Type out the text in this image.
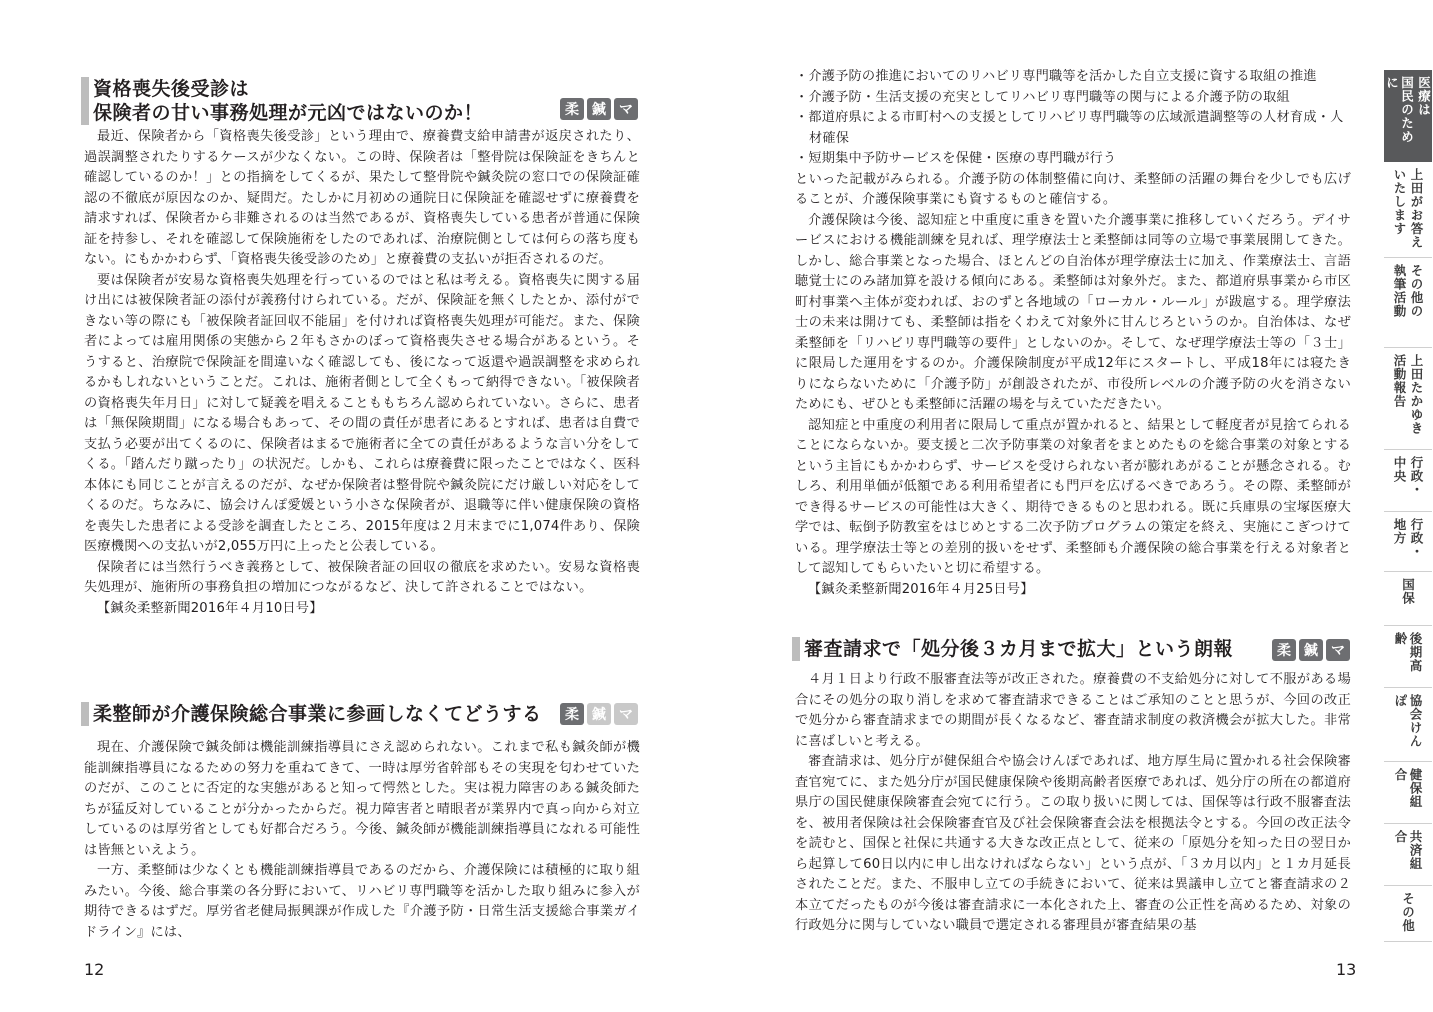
資格喪失後受診は
保険者の甘い事務処理が元凶ではないのか！	柔 鍼 マ

最近、保険者から「資格喪失後受診」という理由で、療養費支給申請書が返戻されたり、過誤調整されたりするケースが少なくない。この時、保険者は「整骨院は保険証をきちんと確認しているのか！」との指摘をしてくるが、果たして整骨院や鍼灸院の窓口での保険証確認の不徹底が原因なのか、疑問だ。たしかに月初めの通院日に保険証を確認せずに療養費を請求すれば、保険者から非難されるのは当然であるが、資格喪失している患者が普通に保険証を持参し、それを確認して保険施術をしたのであれば、治療院側としては何らの落ち度もない。にもかかわらず、「資格喪失後受診のため」と療養費の支払いが拒否されるのだ。

要は保険者が安易な資格喪失処理を行っているのではと私は考える。資格喪失に関する届け出には被保険者証の添付が義務付けられている。だが、保険証を無くしたとか、添付ができない等の際にも「被保険者証回収不能届」を付ければ資格喪失処理が可能だ。また、保険者によっては雇用関係の実態から２年もさかのぼって資格喪失させる場合があるという。そうすると、治療院で保険証を間違いなく確認しても、後になって返還や過誤調整を求められるかもしれないということだ。これは、施術者側として全くもって納得できない。「被保険者の資格喪失年月日」に対して疑義を唱えることももちろん認められていない。さらに、患者は「無保険期間」になる場合もあって、その間の責任が患者にあるとすれば、患者は自費で支払う必要が出てくるのに、保険者はまるで施術者に全ての責任があるような言い分をしてくる。「踏んだり蹴ったり」の状況だ。しかも、これらは療養費に限ったことではなく、医科本体にも同じことが言えるのだが、なぜか保険者は整骨院や鍼灸院にだけ厳しい対応をしてくるのだ。ちなみに、協会けんぽ愛媛という小さな保険者が、退職等に伴い健康保険の資格を喪失した患者による受診を調査したところ、2015年度は２月末までに1,074件あり、保険医療機関への支払いが2,055万円に上ったと公表している。

保険者には当然行うべき義務として、被保険者証の回収の徹底を求めたい。安易な資格喪失処理が、施術所の事務負担の増加につながるなど、決して許されることではない。

【鍼灸柔整新聞2016年４月10日号】

柔整師が介護保険総合事業に参画しなくてどうする	柔 鍼 マ

現在、介護保険で鍼灸師は機能訓練指導員にさえ認められない。これまで私も鍼灸師が機能訓練指導員になるための努力を重ねてきて、一時は厚労省幹部もその実現を匂わせていたのだが、このことに否定的な実態があると知って愕然とした。実は視力障害のある鍼灸師たちが猛反対していることが分かったからだ。視力障害者と晴眼者が業界内で真っ向から対立しているのは厚労省としても好都合だろう。今後、鍼灸師が機能訓練指導員になれる可能性は皆無といえよう。

一方、柔整師は少なくとも機能訓練指導員であるのだから、介護保険には積極的に取り組みたい。今後、総合事業の各分野において、リハビリ専門職等を活かした取り組みに参入が期待できるはずだ。厚労省老健局振興課が作成した『介護予防・日常生活支援総合事業ガイドライン』には、

12
・介護予防の推進においてのリハビリ専門職等を活かした自立支援に資する取組の推進
・介護予防・生活支援の充実としてリハビリ専門職等の関与による介護予防の取組
・都道府県による市町村への支援としてリハビリ専門職等の広域派遣調整等の人材育成・人材確保
・短期集中予防サービスを保健・医療の専門職が行う

といった記載がみられる。介護予防の体制整備に向け、柔整師の活躍の舞台を少しでも広げることが、介護保険事業にも資するものと確信する。

介護保険は今後、認知症と中重度に重きを置いた介護事業に推移していくだろう。デイサービスにおける機能訓練を見れば、理学療法士と柔整師は同等の立場で事業展開してきた。しかし、総合事業となった場合、ほとんどの自治体が理学療法士に加え、作業療法士、言語聴覚士にのみ諸加算を設ける傾向にある。柔整師は対象外だ。また、都道府県事業から市区町村事業へ主体が変われば、おのずと各地域の「ローカル・ルール」が跋扈する。理学療法士の未来は開けても、柔整師は指をくわえて対象外に甘んじろというのか。自治体は、なぜ柔整師を「リハビリ専門職等の要件」としないのか。そして、なぜ理学療法士等の「３士」に限局した運用をするのか。介護保険制度が平成12年にスタートし、平成18年には寝たきりにならないために「介護予防」が創設されたが、市役所レベルの介護予防の火を消さないためにも、ぜひとも柔整師に活躍の場を与えていただきたい。

認知症と中重度の利用者に限局して重点が置かれると、結果として軽度者が見捨てられることにならないか。要支援と二次予防事業の対象者をまとめたものを総合事業の対象とするという主旨にもかかわらず、サービスを受けられない者が膨れあがることが懸念される。むしろ、利用単価が低額である利用希望者にも門戸を広げるべきであろう。その際、柔整師ができ得るサービスの可能性は大きく、期待できるものと思われる。既に兵庫県の宝塚医療大学では、転倒予防教室をはじめとする二次予防プログラムの策定を終え、実施にこぎつけている。理学療法士等との差別的扱いをせず、柔整師も介護保険の総合事業を行える対象者として認知してもらいたいと切に希望する。

【鍼灸柔整新聞2016年４月25日号】

審査請求で「処分後３カ月まで拡大」という朗報	柔 鍼 マ

４月１日より行政不服審査法等が改正された。療養費の不支給処分に対して不服がある場合にその処分の取り消しを求めて審査請求できることはご承知のことと思うが、今回の改正で処分から審査請求までの期間が長くなるなど、審査請求制度の救済機会が拡大した。非常に喜ばしいと考える。

審査請求は、処分庁が健保組合や協会けんぽであれば、地方厚生局に置かれる社会保険審査官宛てに、また処分庁が国民健康保険や後期高齢者医療であれば、処分庁の所在の都道府県庁の国民健康保険審査会宛てに行う。この取り扱いに関しては、国保等は行政不服審査法を、被用者保険は社会保険審査官及び社会保険審査会法を根拠法令とする。今回の改正法令を読むと、国保と社保に共通する大きな改正点として、従来の「原処分を知った日の翌日から起算して60日以内に申し出なければならない」という点が、「３カ月以内」と１カ月延長されたことだ。また、不服申し立ての手続きにおいて、従来は異議申し立てと審査請求の２本立てだったものが今後は審査請求に一本化された上、審査の公正性を高めるため、対象の行政処分に関与していない職員で選定される審理員が審査結果の基

13
医療は
国民のために
上田がお答え
いたします
その他の
執筆活動
上田たかゆき
活動報告
行政・
中央
行政・
地方
国保
後期高齢
協会けんぽ
健保組合
共済組合
その他
